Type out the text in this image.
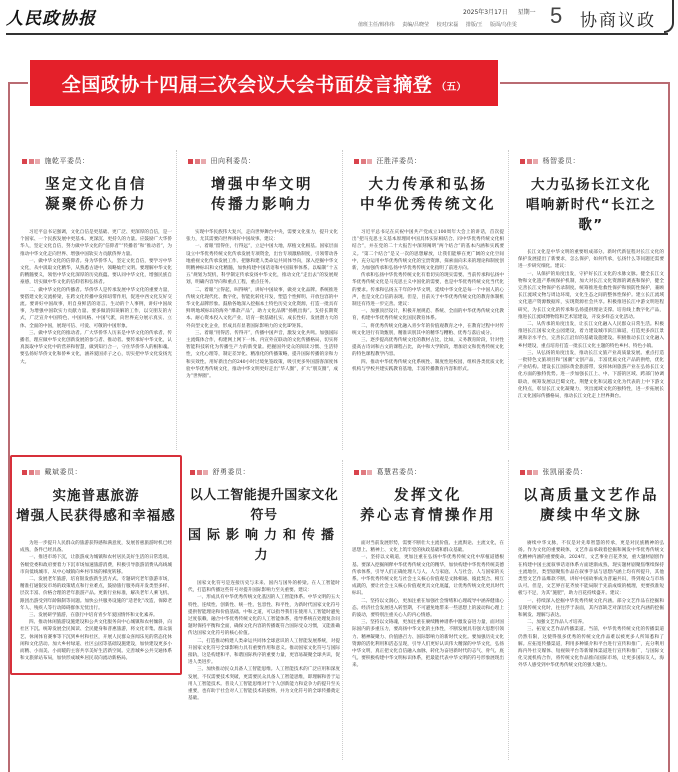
人民政协报	2025年3月17日 星期一
值班主任/韩伟伟 责编/吕晓莹 校对/宋磊 排版/王 版面/乌佳雯 5 协商议政
全国政协十四届三次会议大会书面发言摘登 （五）
施乾平委员：
坚定文化自信
凝聚侨心侨力

习近平总书记强调，文化自信是更基础、更广泛、更深厚的自信，是一个国家、一个民族发展中更基本、更深沉、更持久的力量。应鼓励广大华侨华人，坚定文化自信，努力做中华文化的“信仰者”“传播者”和“推动者”，为推动中华文化走向世界、增强中国软实力贡献侨界力量。

一、做中华文化的信仰者。身为华侨华人，坚定文化自信，要学习中华文化，从中汲取文化精华，从熟悉古迹中，领略灿烂文明。要理解中华文化的精髓要义，领悟中华文化深厚的历史底蕴。要认同中华文化，增强民族自豪感，切实做中华文化的信仰者和弘扬者。

二、做中华文化的传播者。华侨华人是传承发展中华文化的重要力量，要搭建文化交流桥梁，在跨文化传播中发挥纽带作用，促进中西文化友好交流。要讲好中国故事，用自身鲜活的语言、生动的个人事例，讲好中国故事，为增强中国软实力贡献力量。要多做消弭误解的工作，以交朋友的方式，广泛宣介中国特色、中国风格、中国气派，向世界充分展示真实、立体、全面的中国，展现可信、可爱、可敬的中国形象。

三、做中华文化的推动者。广大华侨华人历来是中华文化的传承者、传播者，理应做中华文化创新发展的参与者、推动者。要传承好中华文化，认真汲取中华文化中的营养和智慧，做到知行合一，守住华侨华人的根和魂。要弘扬好华侨文化和侨乡文化，涵养爱国赤子之心，切实把中华文化发扬光大。

田向利委员：
增强中华文明
传播力影响力

实现中华民族伟大复兴，走向世界舞台中央，需要文化张力，提升文化张力，尤其需要向世界讲好中国故事。建议：

一、着眼“留得住，行得远”，立足中国大地，厚植文化根基。国家层面设立中华优秀传统文化传承发展专项资金，出台专项激励制度，引领带动各地重视文化传承发展工作。把脉和建人类命运共同体导向，深入挖掘中华文明精神标识和文化精髓，加快构建中国话语和中国叙事体系。以编制“十五五”规划为契机，科学制定传承发扬中华文化，推动文化“走出去”的发展规划，明确内容导向和重点工程，重点任务。

二、着眼“立得起，叫得响”，讲好中国故事，做亮文化品牌。系统推进传统文化现代化、数字化，智能化转化开发，塑造个性鲜明、开放包容的中华文化品牌形象。鼓励各地深入挖掘本土特色历史文化资源，打造一批具有鲜明地域标识的海外“爆款产品”，助力文化品牌“扬帆出海”。支持长期资本、耐心资本投入文化产业，培育一批基础扎实、成长性好、发展潜力大的外向型文化企业，形成具有显著国际影响力的文化IP矩阵。

三、着眼“用得活、传得开”，传播中国声音，激发文化共鸣。加强国际主流媒体合作，构建网上网下一体、内宣外宣联动的文化传播格局，切实将智能科技转化为传播生产力的新变量。把握国外受众的阅读习惯、生活特性，文化心理等，制定差异化、精准化的传播策略，提升国际传播的亲和力和实效性。用好新出台的240小时过境免签政策，吸引更多外国游客深度体验中华优秀传统文化，推动中华文明更好走出“华人圈”，扩大“朋友圈”，成为“世界圈”。

汪胜洋委员：
大力传承和弘扬
中华优秀传统文化

习近平总书记在庆祝中国共产党成立100周年大会上的讲话，首次提出“把马克思主义基本原理同中国具体实际相结合、同中华优秀传统文化相结合”，并在党的二十大报告中深刻阐明“两个结合”的基本内涵和实践要义。“第二个结合”是又一次的思想解放，让我们能够在更广阔的文化空间中，充分运用中华优秀传统文化的宝贵资源，探索面向未来的理论和制度创新，为加强传承和弘扬中华优秀传统文化指明了前进方向。

传承和弘扬中华优秀传统文化有着切实的现实需要。当前传承和弘扬中华优秀传统文化是马克思主义中国化的需要，也是中华优秀传统文化当代化的要求。传承和弘扬五千年的中华文明，延续中华文化是每一个中国人的心声，也是文化自信的表现。但是，目前关于中华优秀传统文化的教育体制机制还有待进一步完善。建议：

一、加强顶层设计，积极开展规范、系统、全面的中华优秀传统文化教育，构建中华优秀传统文化国民教育体系。

二、将优秀传统文化融入青少年的价值观教育之中，在教育过程中对传统文化进行有效甄别，精准识别其中的精华与糟粕、优秀与落后成分。

三、逐步提高优秀传统文化的教材占比，比如，义务教育阶段，针对性提高古诗词和古文的课程占比，高中和大学阶段，增加语文和优秀传统文化的特色课程教学内容。

四、推动中华优秀传统文化系统性、制度性进校园，组织各类优质文化机构与学校共建实践教育基地，丰富传播教育内容和形式。

杨智委员：
大力弘扬长江文化
唱响新时代“长江之歌”

长江文化是中华文明的重要组成部分。新时代新征程对长江文化的保护发展提出了新要求，怎么保护，如何传承，弘扬什么等问题还需要进一步研究细化。建议：

一、从保护的角度出发，守护好长江文化的水脉文脉。健全长江文物和文化遗产系统保护机制，加大对长江文化资源的调查和保护，健全完善长江文物保护名录制度。统筹推进抢救性保护和预防性保护，兼顾长江流域文物与周边环境，文化生态之间的整体性保护。建立长江流域文化遗产资源数据库，实现资源社会共享。积极推进长江中游文明进程研究，为长江文化的传承和弘扬提供理论支撑。培育线上数字化产品，推进长江流域博物馆和艺术馆建设，开发多样态文化活动。

二、从传承的角度出发，让长江文化融入人民群众日常生活。积极推进长江国家文化公园建设，着力建设城市滨江廊道，打造更多滨江景观和亲水平台，完善长江沿岸的基础设施建设。积极推动长江文化融入乡村建设，重点培育打造一批长江文化主题的特色乡村、特色小镇。

三、从弘扬的角度出发，推动长江文旅产业高质量发展。重点打造一批特色文旅项目和“国潮”文创产品，丰富优质文化产品的供给，优化产业结构。建设长江国际黄金旅游带，发挥休闲旅游产业在弘扬长江文化方面的独特优势。进一步加强长江上、中、下游的区域、跨部门协调联动，统筹发展以巴蜀文化、荆楚文化和吴越文化为代表的上中下游文化特点，彰显长江文化凝聚力，突出流域文化的独特性，进一步拓展长江文化国际传播格局，推动长江文化走上世界舞台。

戴斌委员：
实施普惠旅游
增强人民获得感和幸福感

为进一步提升人民群众的旅游获得感和满意度，发展普惠旅游时机已经成熟，条件已经具备。

一、推进市场下沉，让旅游成为城镇和农村居民美好生活的日常选项。各级党委和政府要着力下沉市场加速旅游消费，积极引导旅游消费从高线城市向低线城市、从中心城镇向乡村市场的梯度转移。

二、发展老年旅游，培育银发族新生活方式。专题研究老年旅游市场，精准打通银发市场的政策堵点和行业难点，鼓励旅行服务商开发类型多样、层次丰富、价格合理的老年旅游产品。更新行业标准，解决老年人乘飞机、跟团出游受到年龄限制等问题。加快公共服务设施的“适老化”改造，保障老年人、残疾人等行动障碍群体无忧出行。

三、发展研学旅游，在旅行中培育青少年爱国情怀和文化素养。

四、推动休闲旅游设施建设和公共文化服务向中心城镇和农村倾斜，向社区下沉。统筹发展全民阅读、全民健身和普惠旅游，将文化市集、群众演艺、休闲体育赛事等下沉到乡村和社区，开展人民群众喜闻乐见的常态化休闲和文化活动。加大乡村绿道、社区公园等基础设施建设，加快建设更多小而精、小而美、小而暖的主客共享美好生活新空间。完善城乡公共交通体系和文旅驿站布局，加快形成城乡居民双向流动新格局。

舒勇委员：
以人工智能提升国家文化符号
国际影响力和传播力

国家文化符号是连接历史与未来、国内与国外的桥梁。在人工智能时代，打造和传播这些符号对提升国际影响力至关重要。建议：

一、形成具有中华优秀传统文化基因的人工智能体系。中华文明的五大特性，连续性、创新性、统一性、包容性、和平性，为新时代国家文化符号提供智能理论和价值基础。中和之道，可以指导我们在使用人工智能时避免过度依赖，融合中华优秀传统文化的人工智能体系，指导系统在处理复杂问题时保持平衡和全面，确保文化内容的传播既符合国际受众习惯，又能准确传达国家文化符号的核心价值。

二、打造推动构建人类命运共同体全球意识的人工智能发展系统，对提升国家文化符号全球影响力具有重要作用和意义。推动国家文化符号与国际接轨，这是构建和平、和谐国际秩序的重要力量，更容易凝聚全球共识，促进人类进步。

三、加快推动民众具备人工智能思维。人工智能技术的广泛应用和深度发展，不仅需要技术突破，更需要民众具备人工智能思维，即理解和善于运用人工智能技术。普及人工智能思维对于个人创新能力和竞争力的提升至关重要，也有助于社会对人工智能技术的接纳，并为文化符号的全球传播奠定基础。

葛慧君委员：
发挥文化
养心志育情操作用

面对当前发展形势，需要不断壮大主流价值、主流舆论、主流文化，在思想上、精神上、文化上筑牢党的执政基础和群众基础。

一、坚持以文载道，更加注重在弘扬中华优秀传统文化中厚植道德根基。要深入挖掘阐释中华优秀传统文化的精华，加快构建中华优秀传统美德传承体系，引导人们正确处理人与人、人与家庭、人与社会、人与国家的关系。中华优秀传统文化与社会主义核心价值观是文脉相通、彼此契合、相互成就的，要让社会主义核心价值观更具文化底蕴，让优秀传统文化更具时代标识。

二、坚持以文润心，更加注重在加强社会情绪和心理疏导中涵养健康心态。经济社会发展进入转型期，不可避免地带来一些思想上的波动和心理上的波动，要特别注重关心人的内心情感。

三、坚持以文铸魂，更加注重在赓续精神谱系中激发奋进力量，面对国际国内的多重压力，要高扬中华文化的主体性，不断发展具有强大思想引领力、精神凝聚力、价值感召力、国际影响力的新时代文化。要加强历史文化资源的活化利用和活态呈现，引导人们更好认识伟大精深的中华文化，弘扬中华文明，真正把文化自信融入血脉，转化为奋进新时代的志气、骨气、底气。要积极构建中华文明标识体系，把最能代表中华文明的符号形象展现出来。

张凯丽委员：
以高质量文艺作品
赓续中华文脉

赓续中华文脉，不仅是对先辈智慧的传承，更是对民族精神的弘扬。作为文化的重要载体，文艺作品承载着挖掘和阐发中华优秀传统文化精神内涵的重要使命。2024年，文艺事业百花齐放，重大题材剧创作在构建中国主流叙事话语体系方面逐渐成熟，现实题材剧聚焦继续保持主流地位，类型剧聚焦作品在叙事手法与思想内涵上均有所提升，其他类型文艺作品爆款不断，讲好中国故事成为普遍共识，得到观众与市场认可。但是，文艺界百花齐放不能局限于先前成绩的梳理，更要找准短板与不足，为其“施肥”，助力百花持续盛开。建议：

一、持续深入挖掘中华优秀传统文化内涵。部分文艺作品在挖掘和呈现传统文化时，往往浮于表面，其内容缺乏对深层次文化内涵的挖掘和阐发、理解与表达。

二、加强文艺作品人才培养。

三、拓宽文艺作品传播渠道。当前，中华优秀传统文化的传播渠道仍然有限，这使得很多优秀的传统文化作品难以被更多人所知悉和了解。应拓宽传播渠道，利用多种媒介和平台进行宣传和推广，充分利用海内外社交媒体、短视频平台等新媒体渠道进行宣传和推广，与国际文化交流机构合作，将传统文化作品推向国际市场，让更多国际友人、海外华人感受到中华优秀传统文化的强大魅力。
